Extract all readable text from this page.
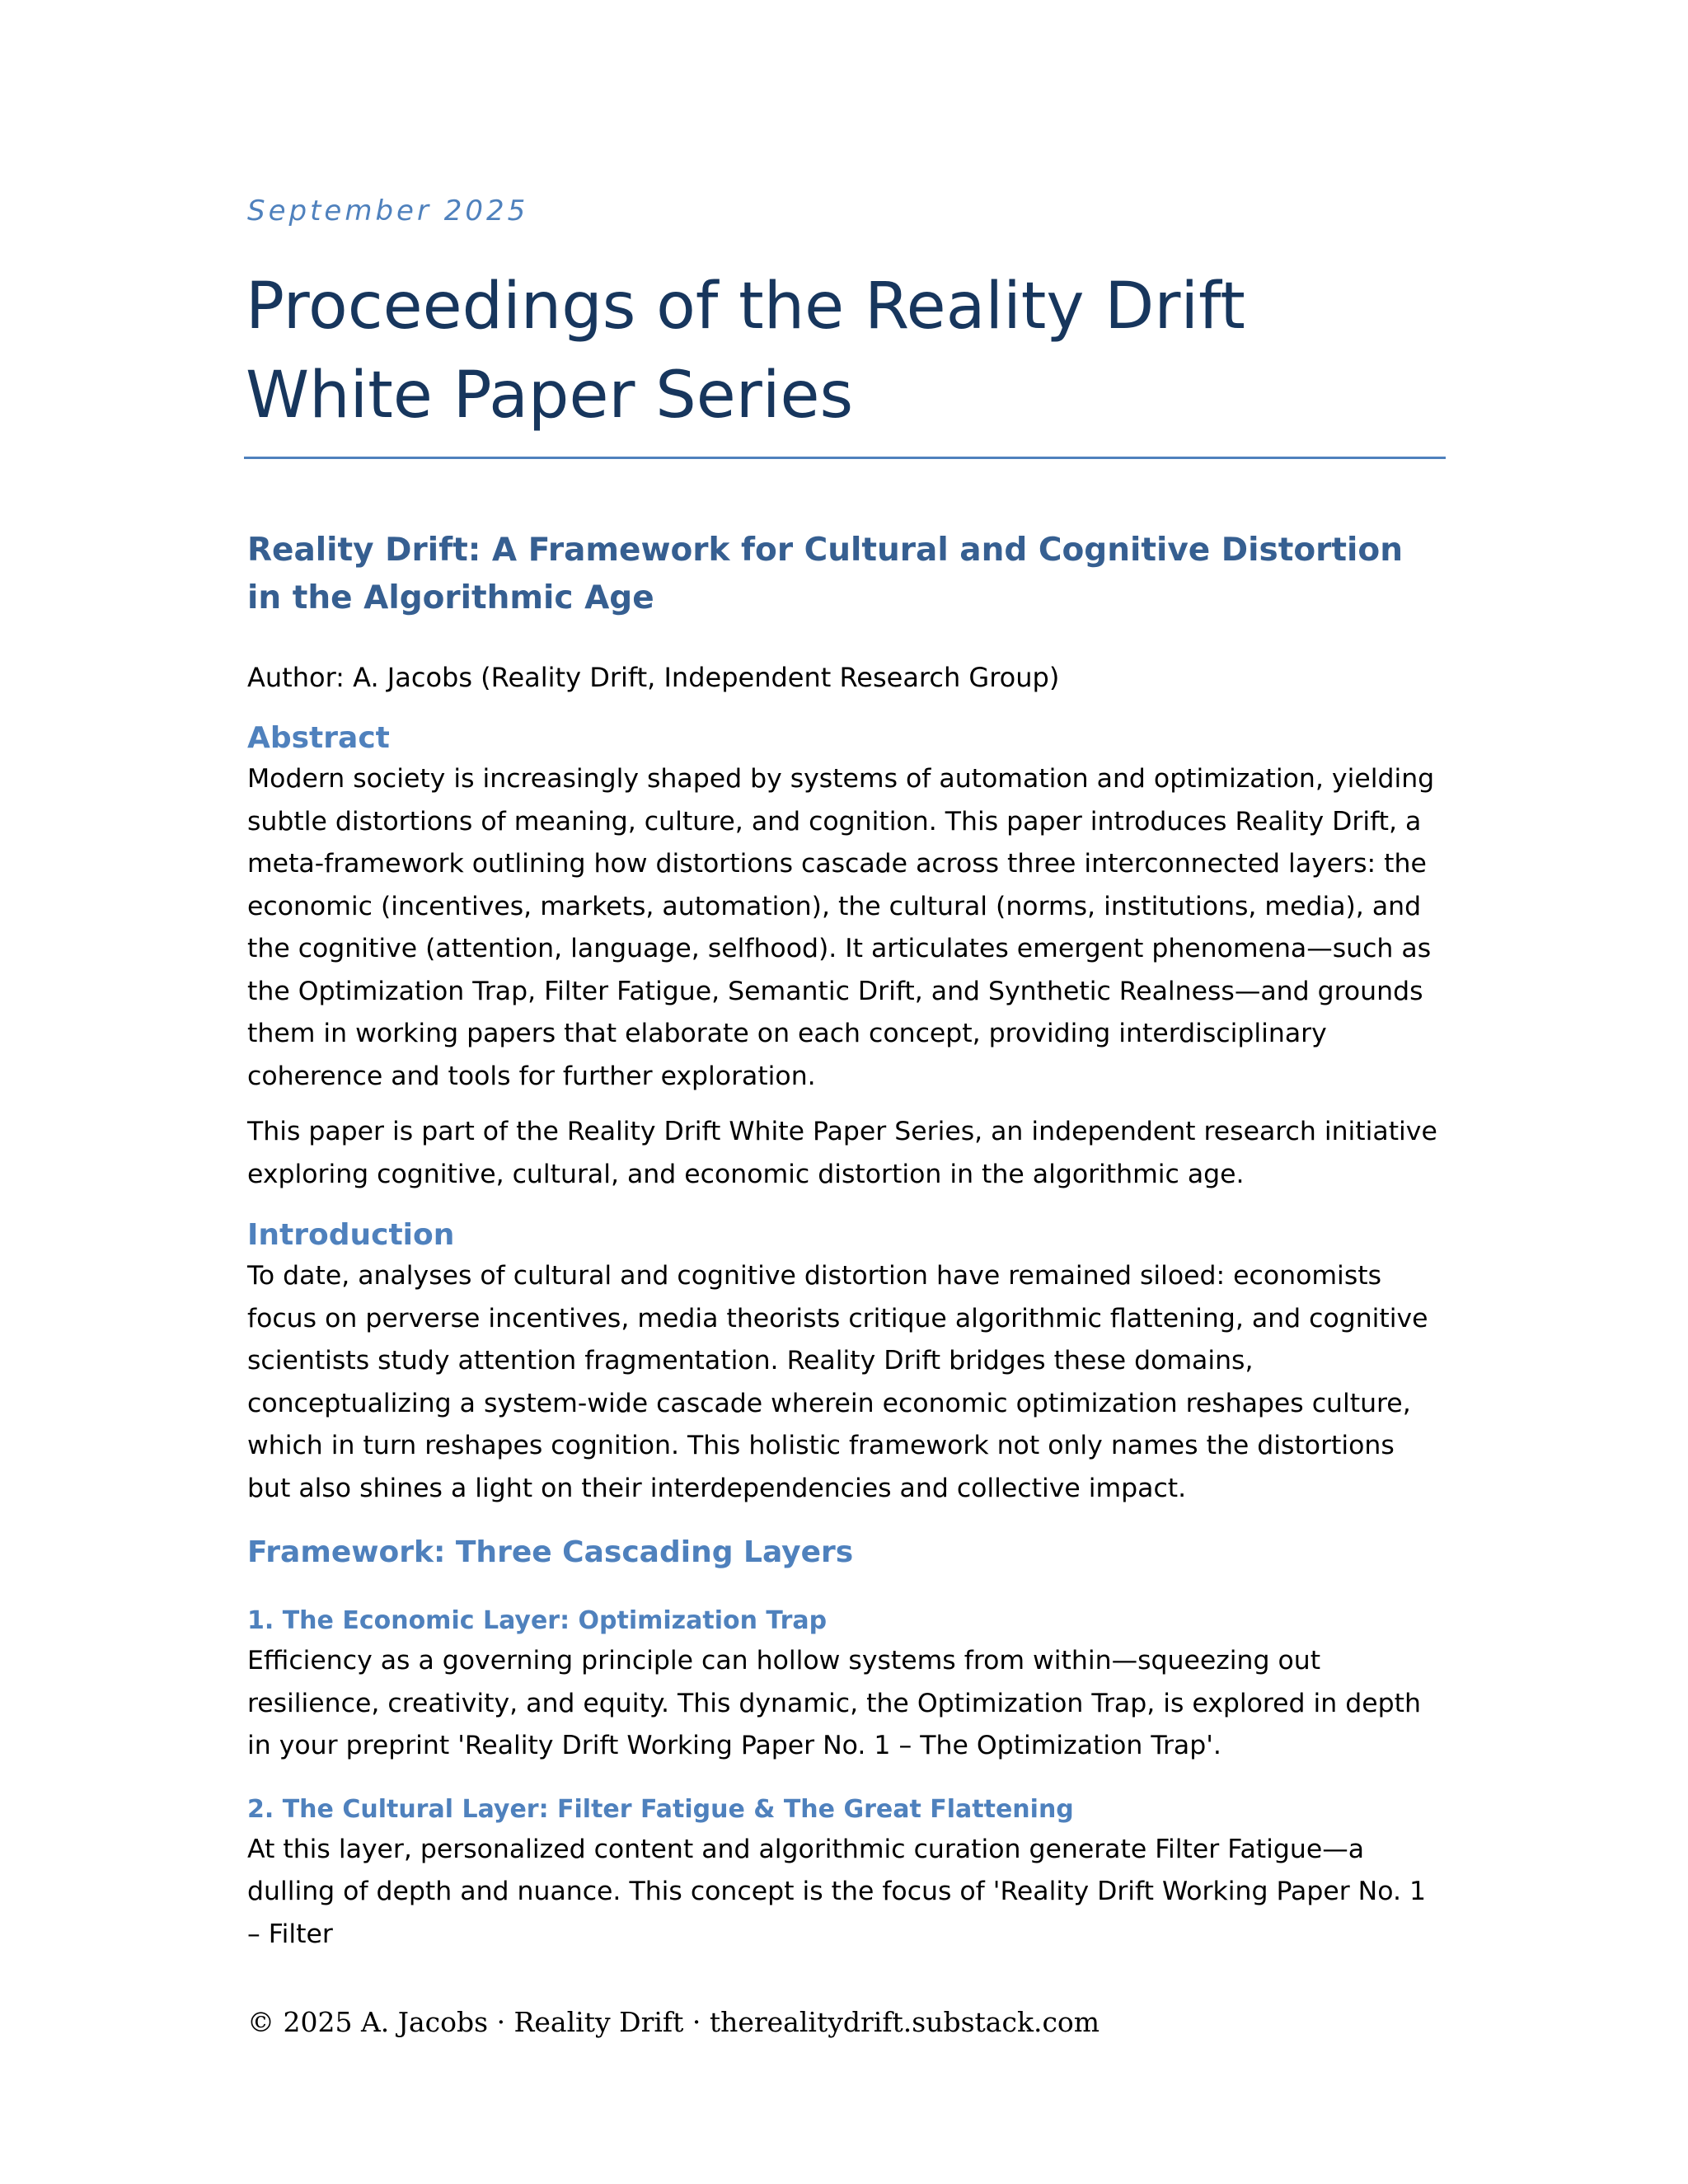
September 2025

Proceedings of the Reality Drift White Paper Series
Reality Drift: A Framework for Cultural and Cognitive Distortion in the Algorithmic Age
Author: A. Jacobs (Reality Drift, Independent Research Group)
Abstract

Modern society is increasingly shaped by systems of automation and optimization, yielding subtle distortions of meaning, culture, and cognition. This paper introduces Reality Drift, a meta-framework outlining how distortions cascade across three interconnected layers: the economic (incentives, markets, automation), the cultural (norms, institutions, media), and the cognitive (attention, language, selfhood). It articulates emergent phenomena—such as the Optimization Trap, Filter Fatigue, Semantic Drift, and Synthetic Realness—and grounds them in working papers that elaborate on each concept, providing interdisciplinary coherence and tools for further exploration.

This paper is part of the Reality Drift White Paper Series, an independent research initiative exploring cognitive, cultural, and economic distortion in the algorithmic age.

Introduction

To date, analyses of cultural and cognitive distortion have remained siloed: economists focus on perverse incentives, media theorists critique algorithmic flattening, and cognitive scientists study attention fragmentation. Reality Drift bridges these domains, conceptualizing a system-wide cascade wherein economic optimization reshapes culture, which in turn reshapes cognition. This holistic framework not only names the distortions but also shines a light on their interdependencies and collective impact.

Framework: Three Cascading Layers
1. The Economic Layer: Optimization Trap

Efficiency as a governing principle can hollow systems from within—squeezing out resilience, creativity, and equity. This dynamic, the Optimization Trap, is explored in depth in your preprint 'Reality Drift Working Paper No. 1 – The Optimization Trap'.

2. The Cultural Layer: Filter Fatigue & The Great Flattening

At this layer, personalized content and algorithmic curation generate Filter Fatigue—a dulling of depth and nuance. This concept is the focus of 'Reality Drift Working Paper No. 1 – Filter

© 2025 A. Jacobs · Reality Drift · therealitydrift.substack.com
